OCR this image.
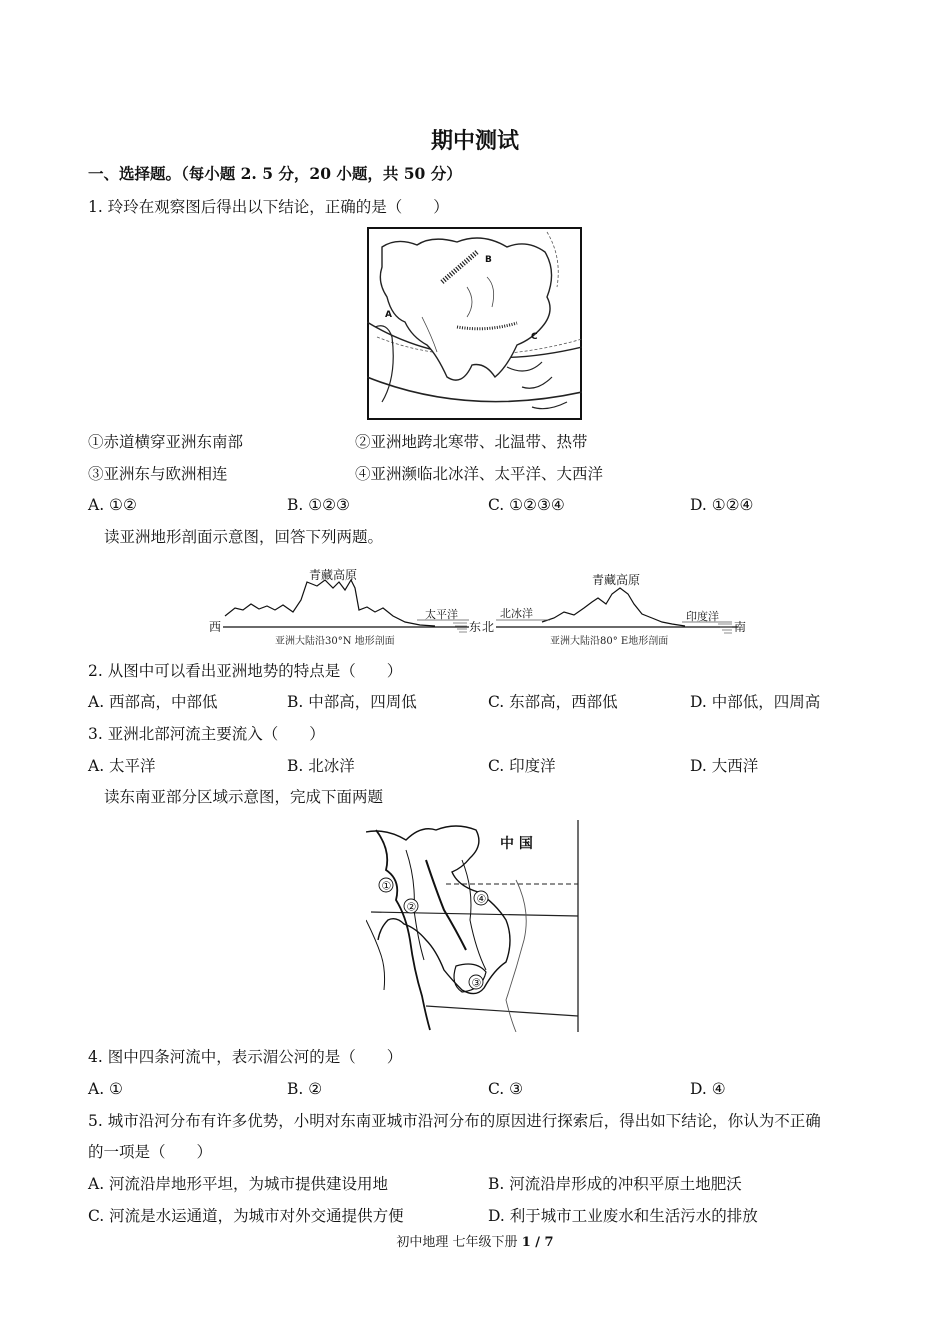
期中测试
一、选择题。（每小题 2. 5 分，20 小题，共 50 分）
1. 玲玲在观察图后得出以下结论，正确的是（　　）
B
A
C
①赤道横穿亚洲东南部	②亚洲地跨北寒带、北温带、热带
③亚洲东与欧洲相连	④亚洲濒临北冰洋、太平洋、大西洋
A. ①②	B. ①②③	C. ①②③④	D. ①②④
读亚洲地形剖面示意图，回答下列两题。
青藏高原
太平洋
西	东
亚洲大陆沿30°N 地形剖面
青藏高原
北冰洋	印度洋
北	南
亚洲大陆沿80° E地形剖面
2. 从图中可以看出亚洲地势的特点是（　　）
A. 西部高，中部低	B. 中部高，四周低	C. 东部高，西部低	D. 中部低，四周高
3. 亚洲北部河流主要流入（　　）
A. 太平洋	B. 北冰洋	C. 印度洋	D. 大西洋
读东南亚部分区域示意图，完成下面两题
中 国
①
②
③
④
4. 图中四条河流中，表示湄公河的是（　　）
A. ①	B. ②	C. ③	D. ④
5. 城市沿河分布有许多优势，小明对东南亚城市沿河分布的原因进行探索后，得出如下结论，你认为不正确
的一项是（　　）
A. 河流沿岸地形平坦，为城市提供建设用地	B. 河流沿岸形成的冲积平原土地肥沃
C. 河流是水运通道，为城市对外交通提供方便	D. 利于城市工业废水和生活污水的排放
初中地理 七年级下册 1 / 7
